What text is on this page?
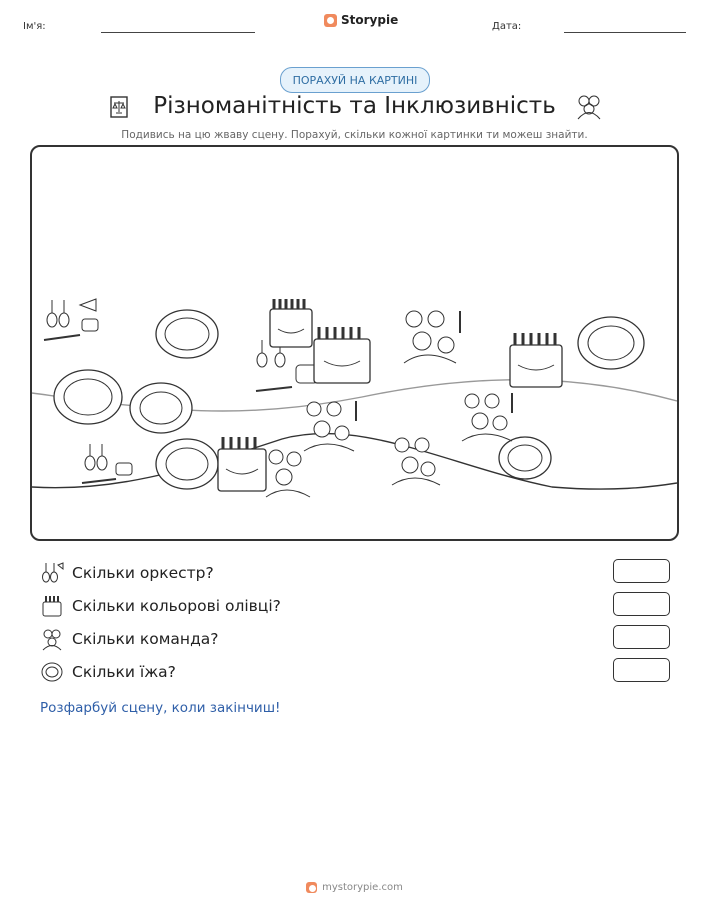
Ім'я:	Storypie	Дата:
ПОРАХУЙ НА КАРТИНІ
Різноманітність та Інклюзивність
Подивись на цю жваву сцену. Порахуй, скільки кожної картинки ти можеш знайти.
Скільки оркестр?
Скільки кольорові олівці?
Скільки команда?
Скільки їжа?
Розфарбуй сцену, коли закінчиш!
mystorypie.com
